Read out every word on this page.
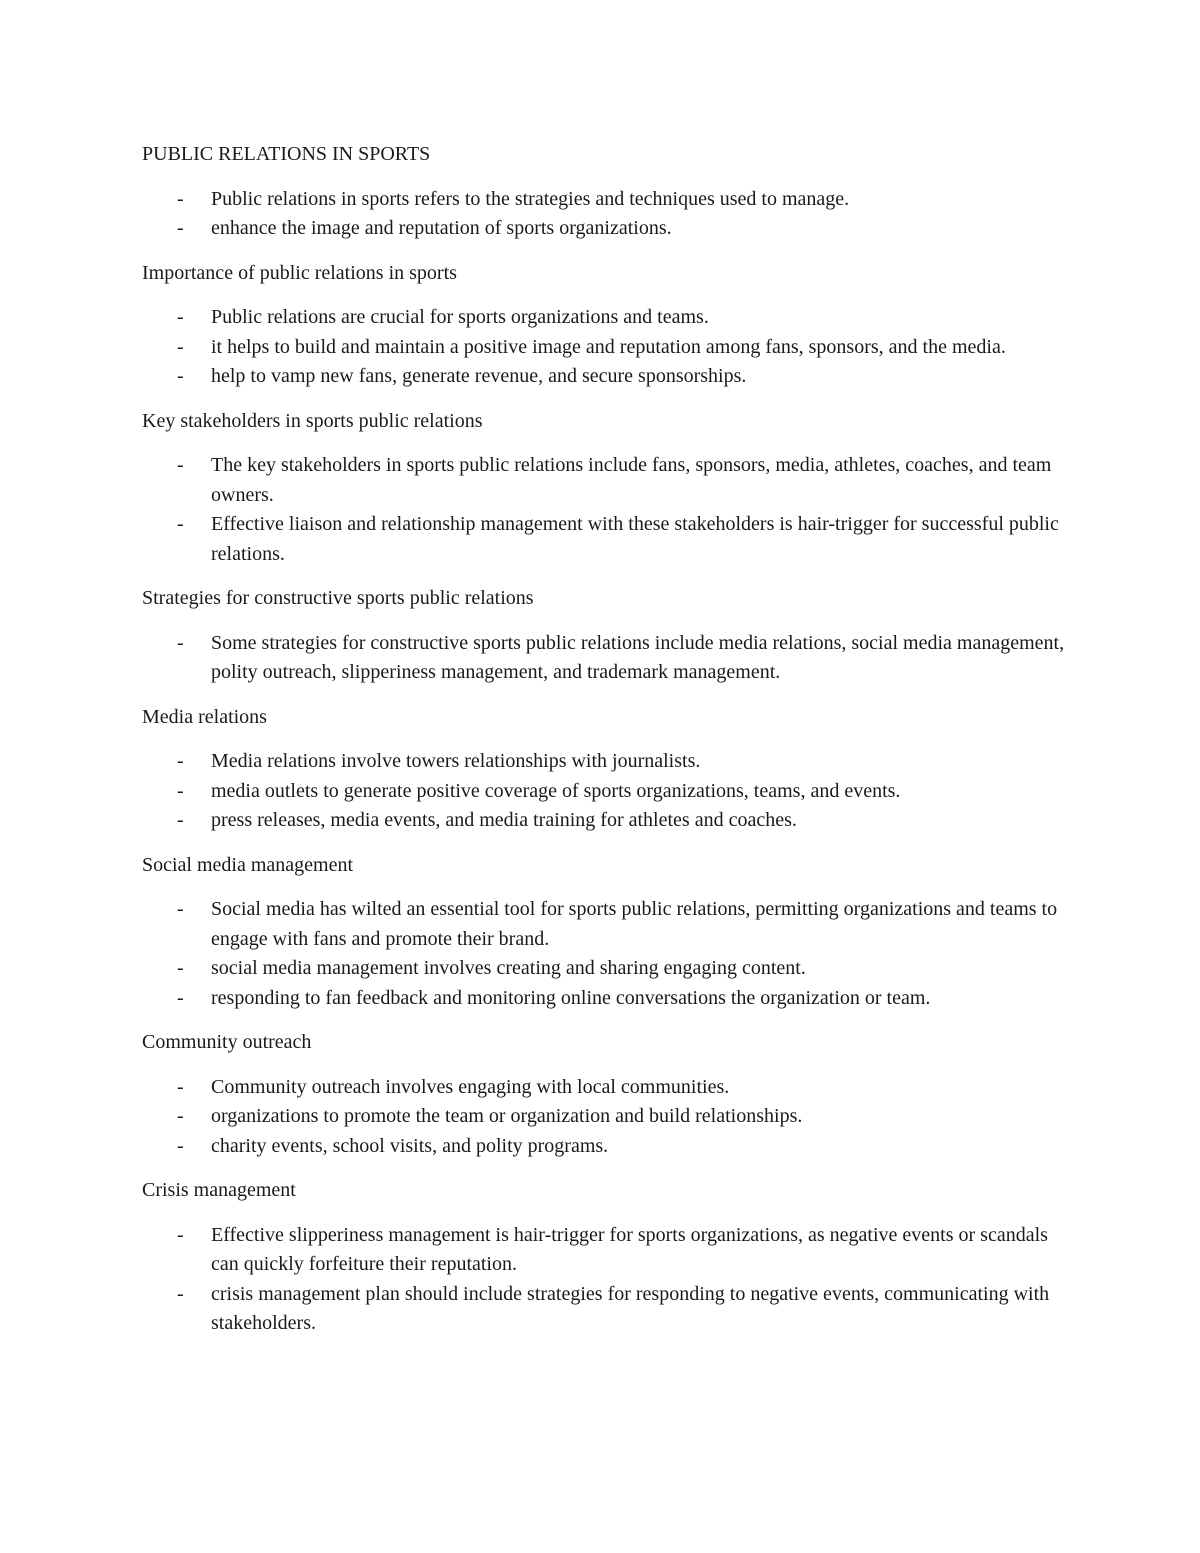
PUBLIC RELATIONS IN SPORTS
- Public relations in sports refers to the strategies and techniques used to manage.
- enhance the image and reputation of sports organizations.
Importance of public relations in sports
- Public relations are crucial for sports organizations and teams.
- it helps to build and maintain a positive image and reputation among fans, sponsors, and the media.
- help to vamp new fans, generate revenue, and secure sponsorships.
Key stakeholders in sports public relations
- The key stakeholders in sports public relations include fans, sponsors, media, athletes, coaches, and team owners.
- Effective liaison and relationship management with these stakeholders is hair-trigger for successful public relations.
Strategies for constructive sports public relations
- Some strategies for constructive sports public relations include media relations, social media management, polity outreach, slipperiness management, and trademark management.
Media relations
- Media relations involve towers relationships with journalists.
- media outlets to generate positive coverage of sports organizations, teams, and events.
- press releases, media events, and media training for athletes and coaches.
Social media management
- Social media has wilted an essential tool for sports public relations, permitting organizations and teams to engage with fans and promote their brand.
- social media management involves creating and sharing engaging content.
- responding to fan feedback and monitoring online conversations the organization or team.
Community outreach
- Community outreach involves engaging with local communities.
- organizations to promote the team or organization and build relationships.
- charity events, school visits, and polity programs.
Crisis management
- Effective slipperiness management is hair-trigger for sports organizations, as negative events or scandals can quickly forfeiture their reputation.
- crisis management plan should include strategies for responding to negative events, communicating with stakeholders.
